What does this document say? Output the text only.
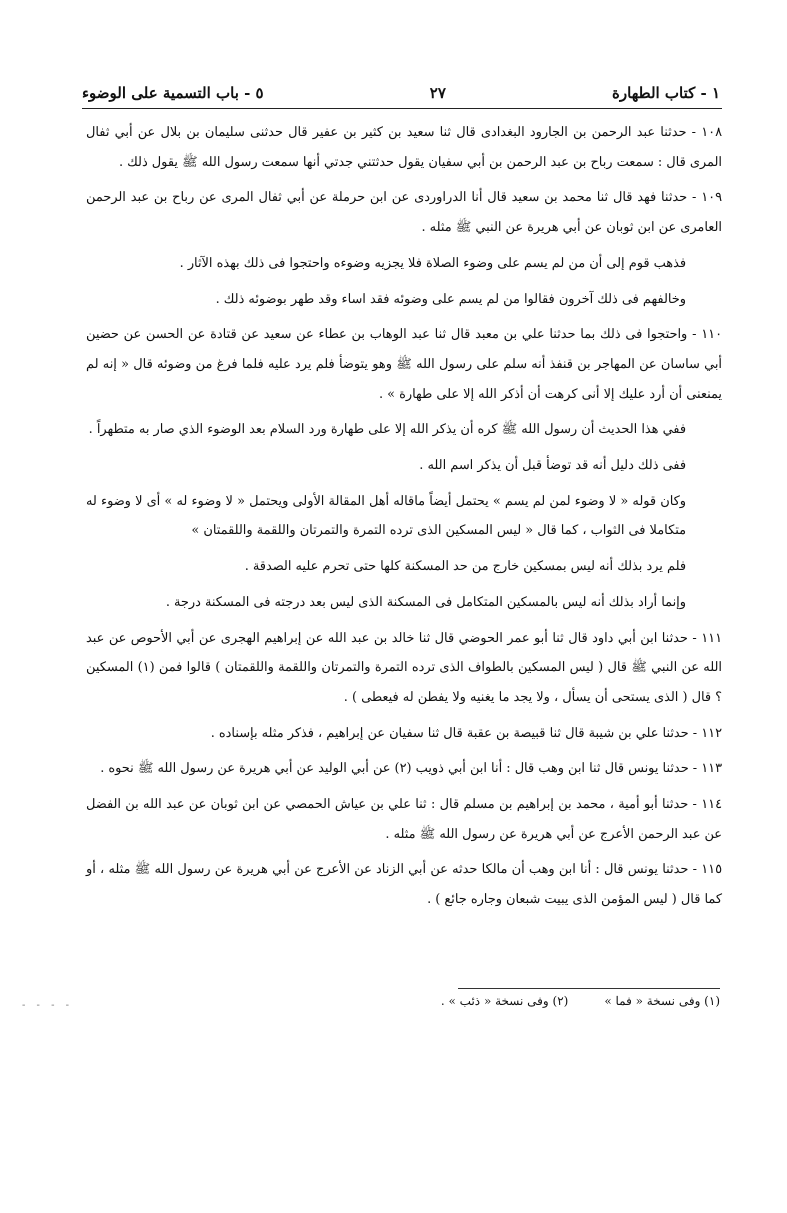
١ - كتاب الطهارة
٢٧
٥ - باب التسمية على الوضوء

١٠٨ - حدثنا عبد الرحمن بن الجارود البغدادى قال ثنا سعيد بن كثير بن عفير قال حدثنى سليمان بن بلال عن أبي ثفال المرى قال : سمعت رباح بن عبد الرحمن بن أبي سفيان يقول حدثتني جدتي أنها سمعت رسول الله ﷺ يقول ذلك .

١٠٩ - حدثنا فهد قال ثنا محمد بن سعيد قال أنا الدراوردى عن ابن حرملة عن أبي ثفال المرى عن رباح بن عبد الرحمن العامرى عن ابن ثوبان عن أبي هريرة عن النبي ﷺ مثله .

فذهب قوم إلى أن من لم يسم على وضوء الصلاة فلا يجزيه وضوءه واحتجوا فى ذلك بهذه الآثار .

وخالفهم فى ذلك آخرون فقالوا من لم يسم على وضوئه فقد اساء وقد طهر بوضوئه ذلك .

١١٠ - واحتجوا فى ذلك بما حدثنا علي بن معبد قال ثنا عبد الوهاب بن عطاء عن سعيد عن قتادة عن الحسن عن حضين أبي ساسان عن المهاجر بن قنفذ أنه سلم على رسول الله ﷺ وهو يتوضأ فلم يرد عليه فلما فرغ من وضوئه قال « إنه لم يمنعنى أن أرد عليك إلا أنى كرهت أن أذكر الله إلا على طهارة » .

ففي هذا الحديث أن رسول الله ﷺ كره أن يذكر الله إلا على طهارة ورد السلام بعد الوضوء الذي صار به متطهراً .

ففى ذلك دليل أنه قد توضأ قبل أن يذكر اسم الله .

وكان قوله « لا وضوء لمن لم يسم » يحتمل أيضاً ماقاله أهل المقالة الأولى ويحتمل « لا وضوء له » أى لا وضوء له متكاملا فى الثواب ، كما قال « ليس المسكين الذى ترده التمرة والتمرتان واللقمة واللقمتان »

فلم يرد بذلك أنه ليس بمسكين خارج من حد المسكنة كلها حتى تحرم عليه الصدقة .

وإنما أراد بذلك أنه ليس بالمسكين المتكامل فى المسكنة الذى ليس بعد درجته فى المسكنة درجة .

١١١ - حدثنا ابن أبي داود قال ثنا أبو عمر الحوضي قال ثنا خالد بن عبد الله عن إبراهيم الهجرى عن أبي الأحوص عن عبد الله عن النبي ﷺ قال ( ليس المسكين بالطواف الذى ترده التمرة والتمرتان واللقمة واللقمتان ) قالوا فمن (١) المسكين ؟ قال ( الذى يستحى أن يسأل ، ولا يجد ما يغنيه ولا يفطن له فيعطى ) .

١١٢ - حدثنا علي بن شيبة قال ثنا قبيصة بن عقبة قال ثنا سفيان عن إبراهيم ، فذكر مثله بإسناده .

١١٣ - حدثنا يونس قال ثنا ابن وهب قال : أنا ابن أبي ذويب (٢) عن أبي الوليد عن أبي هريرة عن رسول الله ﷺ نحوه .

١١٤ - حدثنا أبو أمية ، محمد بن إبراهيم بن مسلم قال : ثنا علي بن عياش الحمصي عن ابن ثوبان عن عبد الله بن الفضل عن عبد الرحمن الأعرج عن أبي هريرة عن رسول الله ﷺ مثله .

١١٥ - حدثنا يونس قال : أنا ابن وهب أن مالكا حدثه عن أبي الزناد عن الأعرج عن أبي هريرة عن رسول الله ﷺ مثله ، أو كما قال ( ليس المؤمن الذى يبيت شبعان وجاره جائع ) .

(١) وفى نسخة « فما »
(٢) وفى نسخة « ذئب » .
- - - -
